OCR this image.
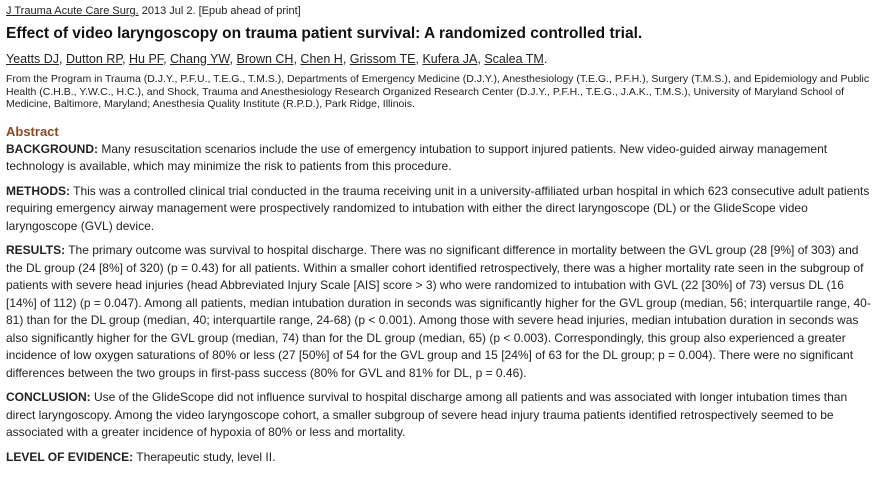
J Trauma Acute Care Surg. 2013 Jul 2. [Epub ahead of print]

Effect of video laryngoscopy on trauma patient survival: A randomized controlled trial.

Yeatts DJ, Dutton RP, Hu PF, Chang YW, Brown CH, Chen H, Grissom TE, Kufera JA, Scalea TM.

From the Program in Trauma (D.J.Y., P.F.U., T.E.G., T.M.S.), Departments of Emergency Medicine (D.J.Y.), Anesthesiology (T.E.G., P.F.H.), Surgery (T.M.S.), and Epidemiology and Public Health (C.H.B., Y.W.C., H.C.), and Shock, Trauma and Anesthesiology Research Organized Research Center (D.J.Y., P.F.H., T.E.G., J.A.K., T.M.S.), University of Maryland School of Medicine, Baltimore, Maryland; Anesthesia Quality Institute (R.P.D.), Park Ridge, Illinois.

Abstract

BACKGROUND: Many resuscitation scenarios include the use of emergency intubation to support injured patients. New video-guided airway management technology is available, which may minimize the risk to patients from this procedure.

METHODS: This was a controlled clinical trial conducted in the trauma receiving unit in a university-affiliated urban hospital in which 623 consecutive adult patients requiring emergency airway management were prospectively randomized to intubation with either the direct laryngoscope (DL) or the GlideScope video laryngoscope (GVL) device.

RESULTS: The primary outcome was survival to hospital discharge. There was no significant difference in mortality between the GVL group (28 [9%] of 303) and the DL group (24 [8%] of 320) (p = 0.43) for all patients. Within a smaller cohort identified retrospectively, there was a higher mortality rate seen in the subgroup of patients with severe head injuries (head Abbreviated Injury Scale [AIS] score > 3) who were randomized to intubation with GVL (22 [30%] of 73) versus DL (16 [14%] of 112) (p = 0.047). Among all patients, median intubation duration in seconds was significantly higher for the GVL group (median, 56; interquartile range, 40-81) than for the DL group (median, 40; interquartile range, 24-68) (p < 0.001). Among those with severe head injuries, median intubation duration in seconds was also significantly higher for the GVL group (median, 74) than for the DL group (median, 65) (p < 0.003). Correspondingly, this group also experienced a greater incidence of low oxygen saturations of 80% or less (27 [50%] of 54 for the GVL group and 15 [24%] of 63 for the DL group; p = 0.004). There were no significant differences between the two groups in first-pass success (80% for GVL and 81% for DL, p = 0.46).

CONCLUSION: Use of the GlideScope did not influence survival to hospital discharge among all patients and was associated with longer intubation times than direct laryngoscopy. Among the video laryngoscope cohort, a smaller subgroup of severe head injury trauma patients identified retrospectively seemed to be associated with a greater incidence of hypoxia of 80% or less and mortality.

LEVEL OF EVIDENCE: Therapeutic study, level II.
